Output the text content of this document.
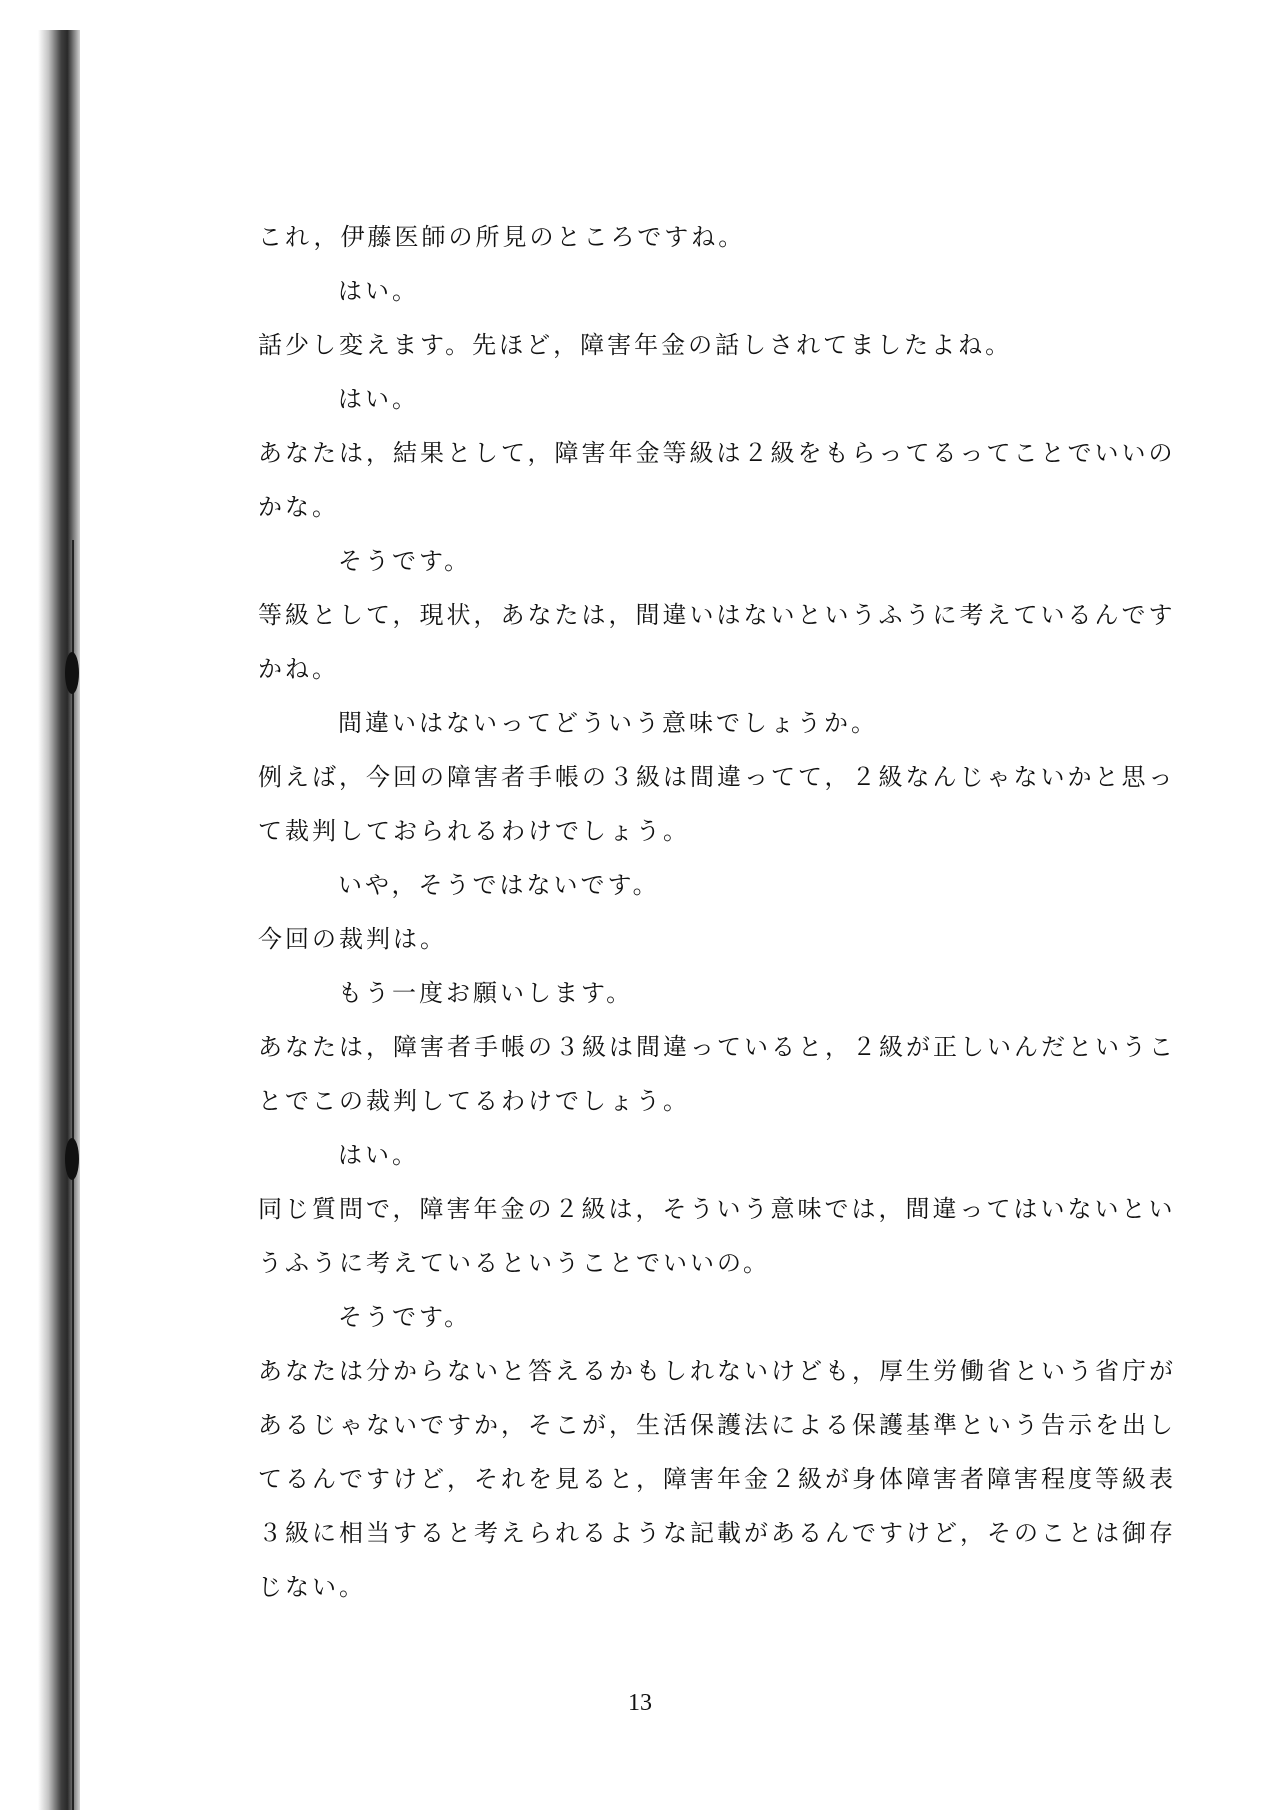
これ，伊藤医師の所見のところですね。
はい。
話少し変えます。先ほど，障害年金の話しされてましたよね。
はい。
あなたは，結果として，障害年金等級は２級をもらってるってことでいいの
かな。
そうです。
等級として，現状，あなたは，間違いはないというふうに考えているんです
かね。
間違いはないってどういう意味でしょうか。
例えば，今回の障害者手帳の３級は間違ってて，２級なんじゃないかと思っ
て裁判しておられるわけでしょう。
いや，そうではないです。
今回の裁判は。
もう一度お願いします。
あなたは，障害者手帳の３級は間違っていると，２級が正しいんだというこ
とでこの裁判してるわけでしょう。
はい。
同じ質問で，障害年金の２級は，そういう意味では，間違ってはいないとい
うふうに考えているということでいいの。
そうです。
あなたは分からないと答えるかもしれないけども，厚生労働省という省庁が
あるじゃないですか，そこが，生活保護法による保護基準という告示を出し
てるんですけど，それを見ると，障害年金２級が身体障害者障害程度等級表
３級に相当すると考えられるような記載があるんですけど，そのことは御存
じない。
13
